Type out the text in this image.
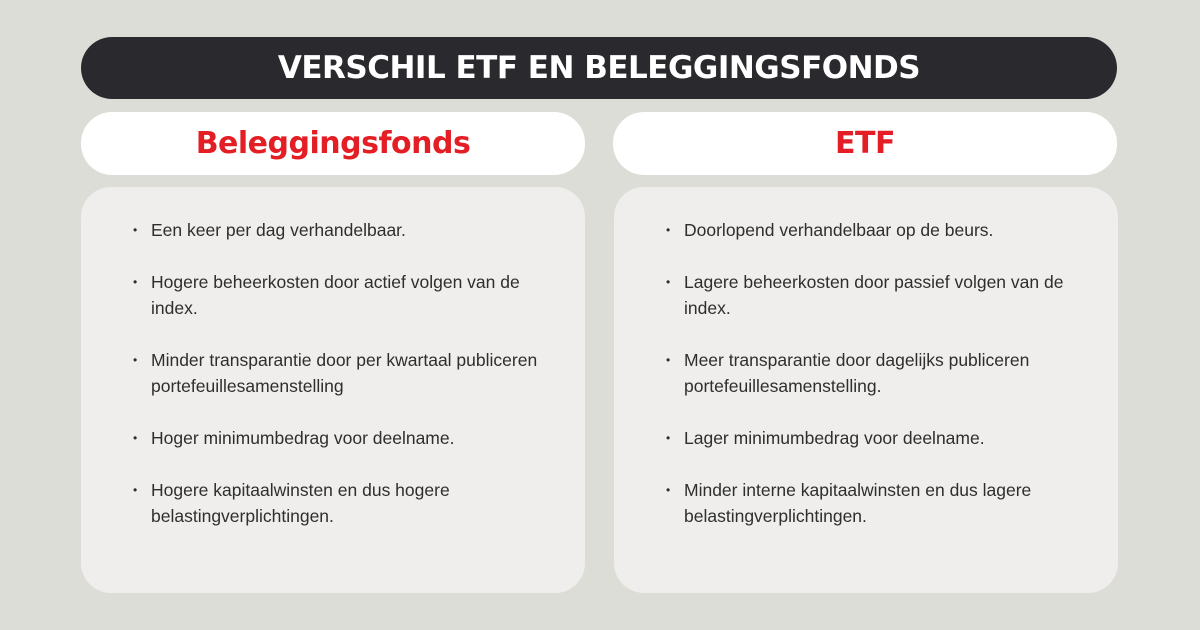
VERSCHIL ETF EN BELEGGINGSFONDS
Beleggingsfonds	ETF
• Een keer per dag verhandelbaar.
• Hogere beheerkosten door actief volgen van de index.
• Minder transparantie door per kwartaal publiceren portefeuillesamenstelling
• Hoger minimumbedrag voor deelname.
• Hogere kapitaalwinsten en dus hogere belastingverplichtingen.
• Doorlopend verhandelbaar op de beurs.
• Lagere beheerkosten door passief volgen van de index.
• Meer transparantie door dagelijks publiceren portefeuillesamenstelling.
• Lager minimumbedrag voor deelname.
• Minder interne kapitaalwinsten en dus lagere belastingverplichtingen.
